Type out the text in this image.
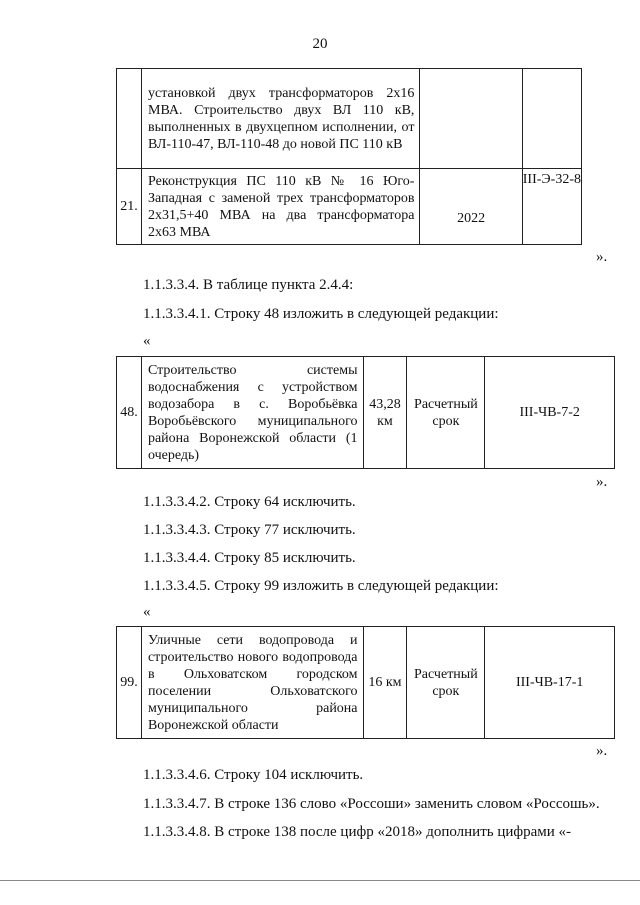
20
	установкой двух трансформаторов 2х16 МВА. Строительство двух ВЛ 110 кВ, выполненных в двухцепном исполнении, от ВЛ-110-47, ВЛ-110-48 до новой ПС 110 кВ		
21.	Реконструкция ПС 110 кВ № 16 Юго-Западная с заменой трех трансформаторов 2х31,5+40 МВА на два трансформатора 2х63 МВА	2022	III-Э-32-8
».
1.1.3.3.4. В таблице пункта 2.4.4:
1.1.3.3.4.1. Строку 48 изложить в следующей редакции:
«
48.	Строительство системы водоснабжения с устройством водозабора в с. Воробьёвка Воробьёвского муниципального района Воронежской области (1 очередь)	43,28 км	Расчетный срок	III-ЧВ-7-2
».
1.1.3.3.4.2. Строку 64 исключить.
1.1.3.3.4.3. Строку 77 исключить.
1.1.3.3.4.4. Строку 85 исключить.
1.1.3.3.4.5. Строку 99 изложить в следующей редакции:
«
99.	Уличные сети водопровода и строительство нового водопровода в Ольховатском городском поселении Ольховатского муниципального района Воронежской области	16 км	Расчетный срок	III-ЧВ-17-1
».
1.1.3.3.4.6. Строку 104 исключить.
1.1.3.3.4.7. В строке 136 слово «Россоши» заменить словом «Россошь».
1.1.3.3.4.8. В строке 138 после цифр «2018» дополнить цифрами «-
